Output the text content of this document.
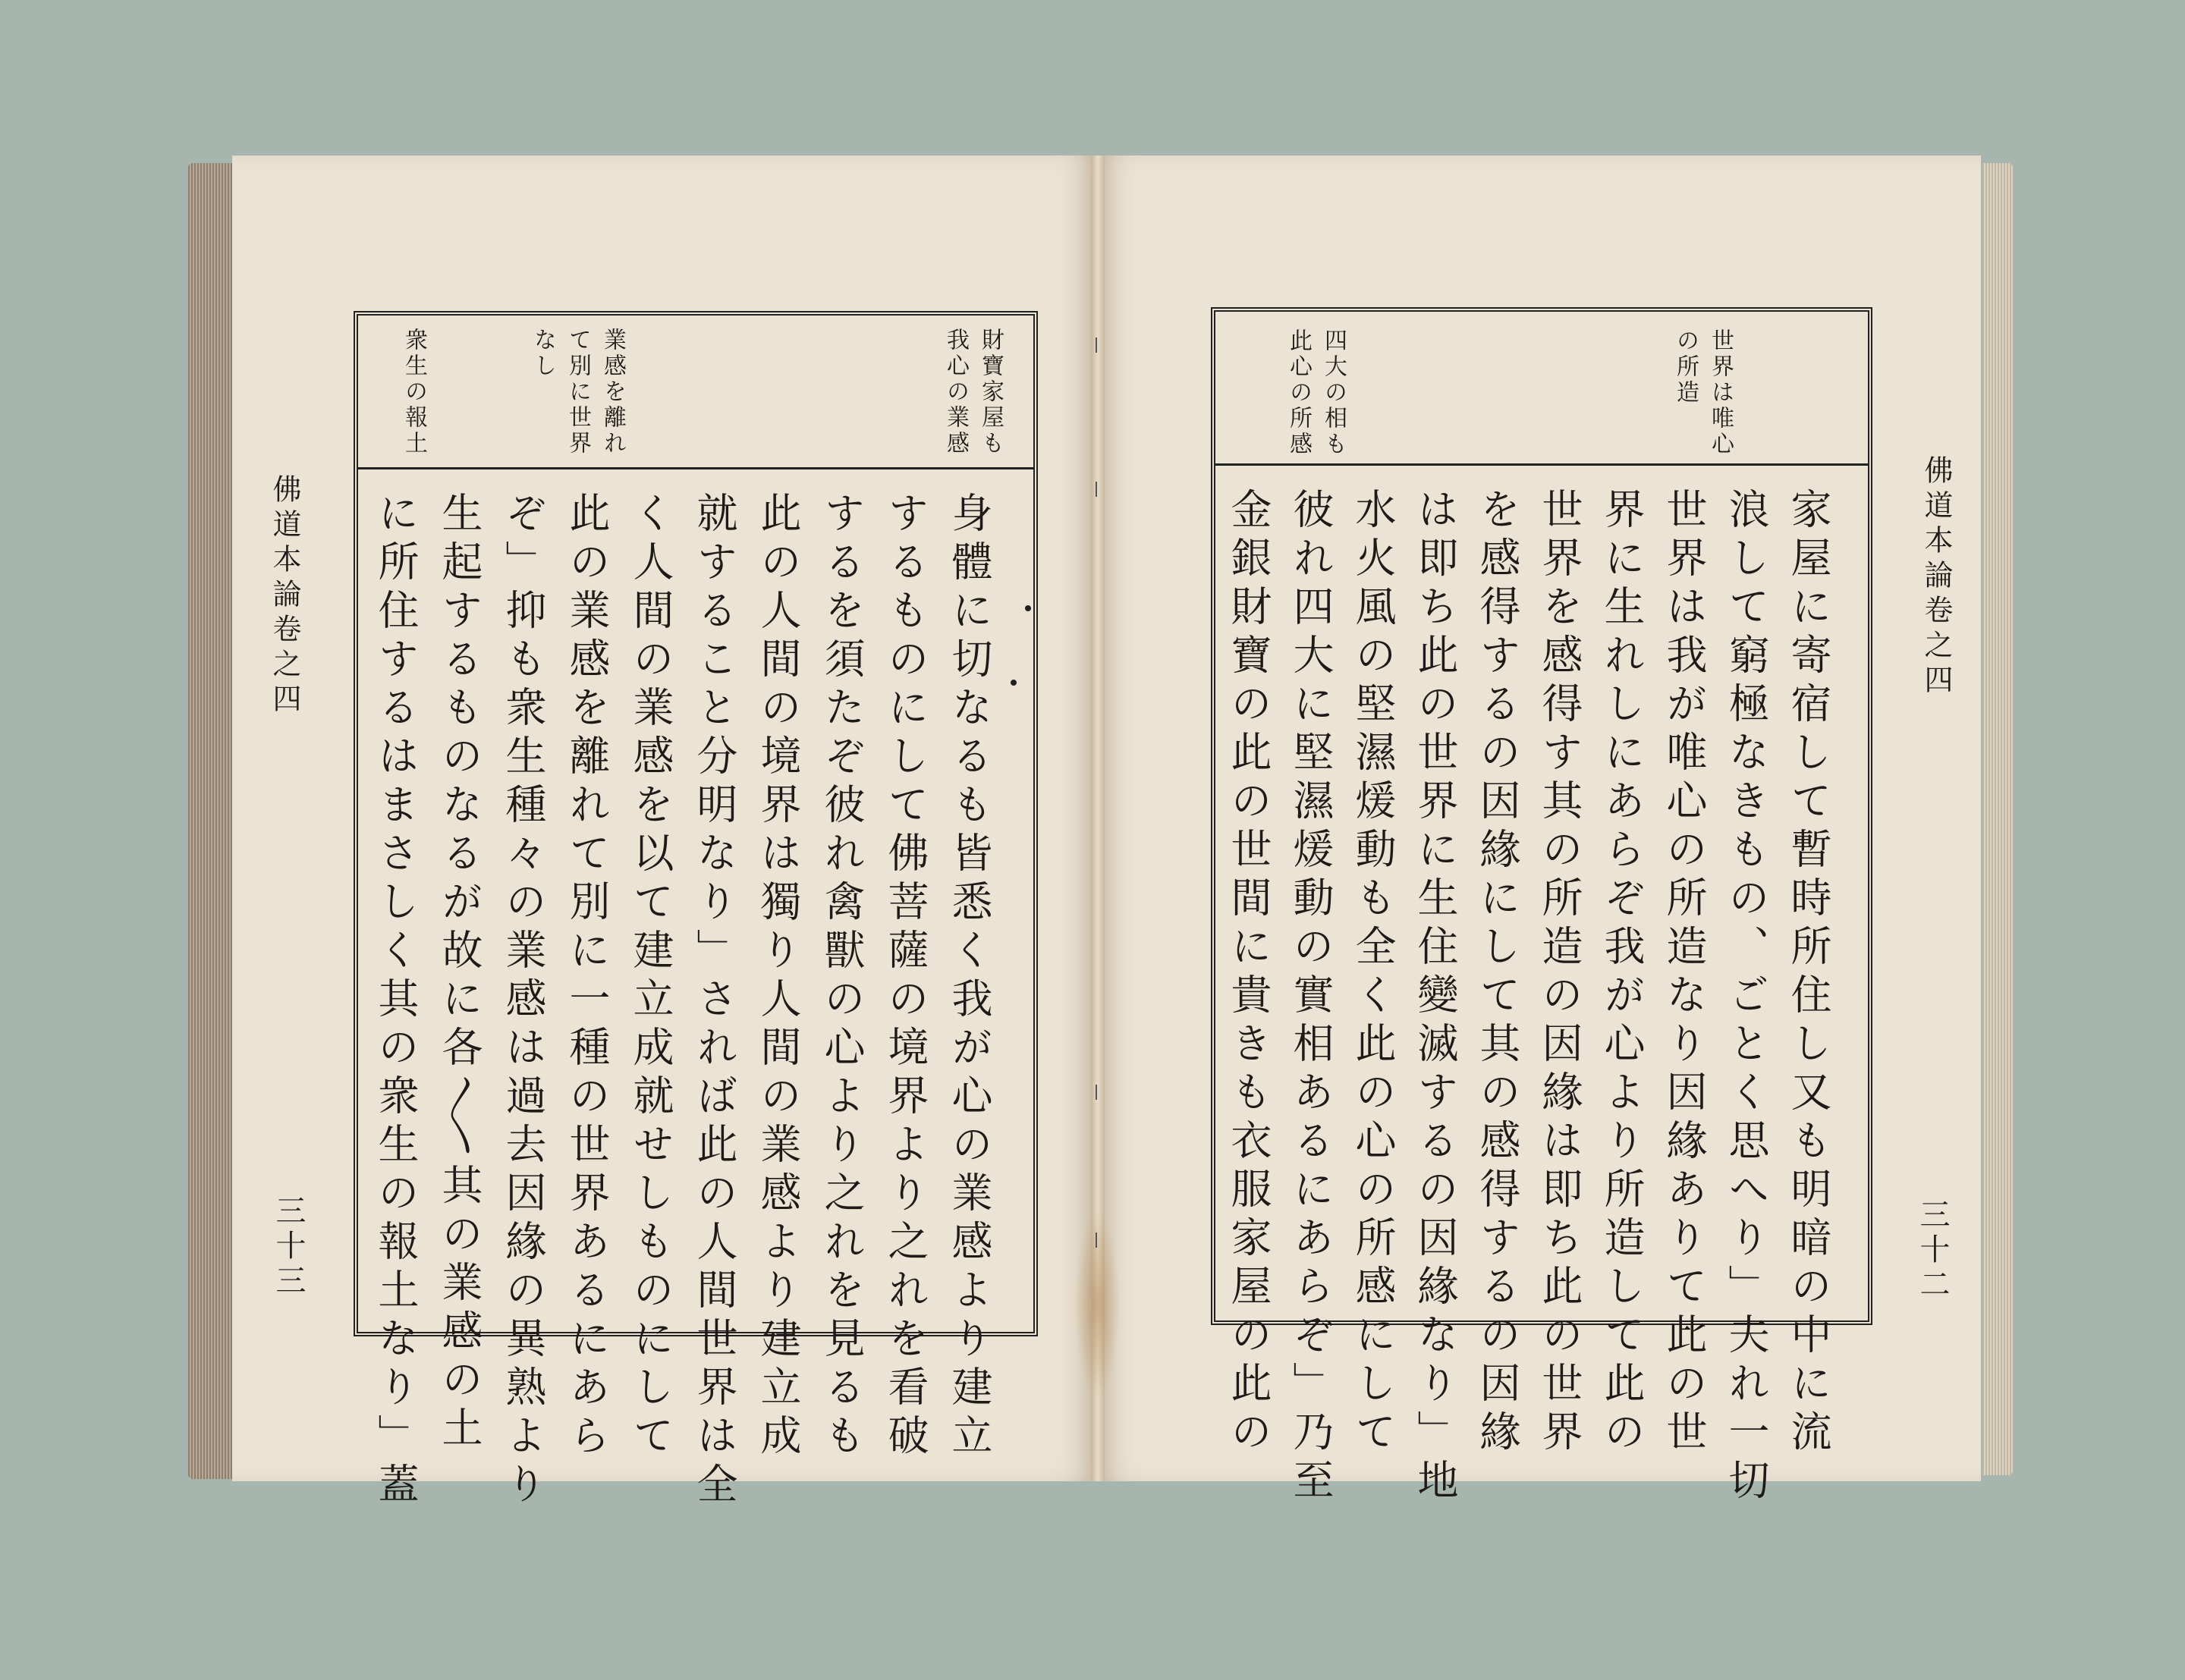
佛道本論卷之四
三十三
財寶家屋も
我心の業感
業感を離れ
て別に世界
なし
衆生の報土
身體に切なるも皆悉く我が心の業感より建立
するものにして佛菩薩の境界より之れを看破
するを須たぞ彼れ禽獸の心より之れを見るも
此の人間の境界は獨り人間の業感より建立成
就すること分明なり」されば此の人間世界は全
く人間の業感を以て建立成就せしものにして
此の業感を離れて別に一種の世界あるにあら
ぞ」抑も衆生種々の業感は過去因緣の異熟より
生起するものなるが故に各〳〵其の業感の土
に所住するはまさしく其の衆生の報土なり」蓋	佛道本論卷之四
三十二
世界は唯心
の所造
四大の相も
此心の所感
家屋に寄宿して暫時所住し又も明暗の中に流
浪して窮極なきもの、ごとく思へり」夫れ一切
世界は我が唯心の所造なり因緣ありて此の世
界に生れしにあらぞ我が心より所造して此の
世界を感得す其の所造の因緣は即ち此の世界
を感得するの因緣にして其の感得するの因緣
は即ち此の世界に生住變滅するの因緣なり」地
水火風の堅濕煖動も全く此の心の所感にして
彼れ四大に堅濕煖動の實相あるにあらぞ」乃至
金銀財寶の此の世間に貴きも衣服家屋の此の
